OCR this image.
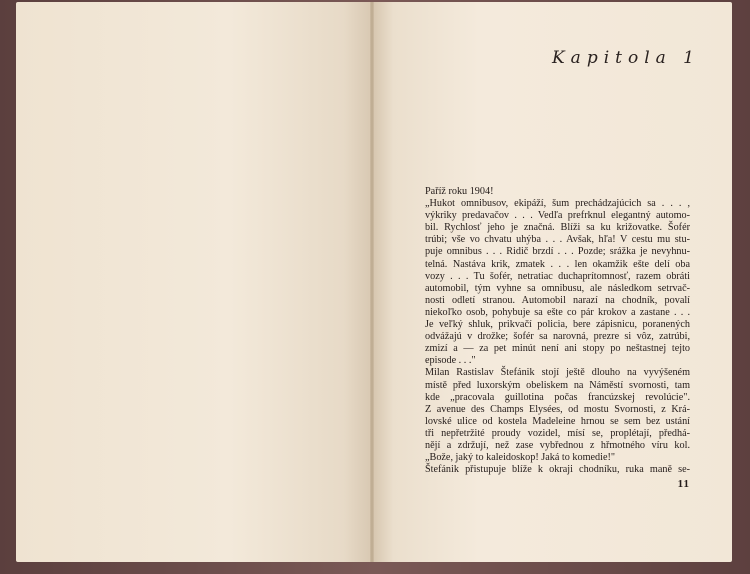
Kapitola 1
Paříž roku 1904!
„Hukot omnibusov, ekipáží, šum prechádzajúcich sa . . . ,
výkriky predavačov . . . Vedľa prefrknul elegantný automo-
bil. Rychlosť jeho je značná. Blíži sa ku križovatke. Šofér
trúbi; vše vo chvatu uhýba . . . Avšak, hľa! V cestu mu stu-
puje omnibus . . . Ridič brzdí . . . Pozde; srážka je nevyhnu-
telná. Nastáva krik, zmatek . . . len okamžik ešte delí oba
vozy . . . Tu šofér, netratiac duchaprítomnosť, razem obráti
automobil, tým vyhne sa omnibusu, ale následkom setrvač-
nosti odletí stranou. Automobil narazí na chodník, povalí
niekoľko osob, pohybuje sa ešte co pár krokov a zastane . . .
Je veľký shluk, prikvačí policia, bere zápisnicu, poranených
odvážajú v drožke; šofér sa narovná, prezre si vôz, zatrúbi,
zmizí a — za pet minút není ani stopy po neštastnej tejto
episode . . ."
Milan Rastislav Štefánik stojí ještě dlouho na vyvýšeném
místě před luxorským obeliskem na Náměstí svornosti, tam
kde „pracovala guillotina počas francúzskej revolúcie".
Z avenue des Champs Elysées, od mostu Svornosti, z Krá-
lovské ulice od kostela Madeleine hrnou se sem bez ustání
tři nepřetržité proudy vozidel, mísí se, proplétají, předhá-
nějí a zdržují, než zase vybřednou z hřmotného víru kol.
„Bože, jaký to kaleidoskop! Jaká to komedie!"
Štefánik přistupuje blíže k okraji chodníku, ruka maně se-
11
